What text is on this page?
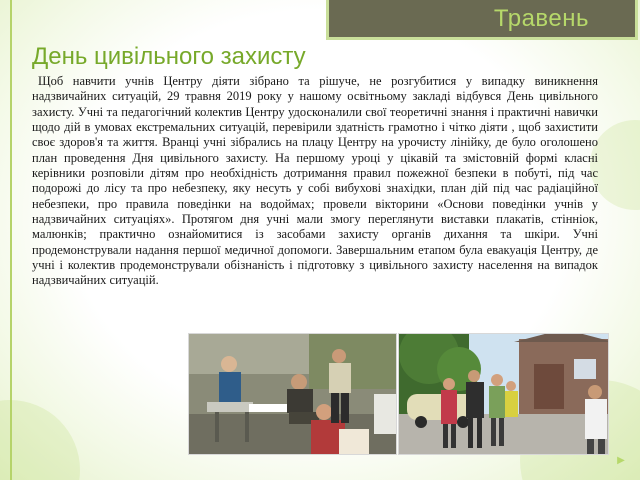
Травень
День цивільного захисту

Щоб навчити учнів Центру діяти зібрано та рішуче, не розгубитися у випадку виникнення надзвичайних ситуацій, 29 травня 2019 року у нашому освітньому закладі відбувся День цивільного захисту. Учні та педагогічний колектив Центру удосконалили свої теоретичні знання і практичні навички щодо дій в умовах екстремальних ситуацій, перевірили здатність грамотно і чітко діяти , щоб захистити своє здоров'я та життя. Вранці учні зібрались на плацу Центру на урочисту лінійку, де було оголошено план проведення Дня цивільного захисту. На першому уроці у цікавій та змістовній формі класні керівники розповіли дітям про необхідність дотримання правил пожежної безпеки в побуті, під час подорожі до лісу та про небезпеку, яку несуть у собі вибухові знахідки, план дій під час радіаційної небезпеки, про правила поведінки на водоймах; провели вікторини «Основи поведінки учнів у надзвичайних ситуаціях». Протягом дня учні мали змогу переглянути виставки плакатів, стінніок, малюнків; практично ознайомитися із засобами захисту органів дихання та шкіри. Учні продемонстрували надання першої медичної допомоги. Завершальним етапом була евакуація Центру, де учні і колектив продемонстрували обізнаність і підготовку з цивільного захисту населення на випадок надзвичайних ситуацій.

▶
